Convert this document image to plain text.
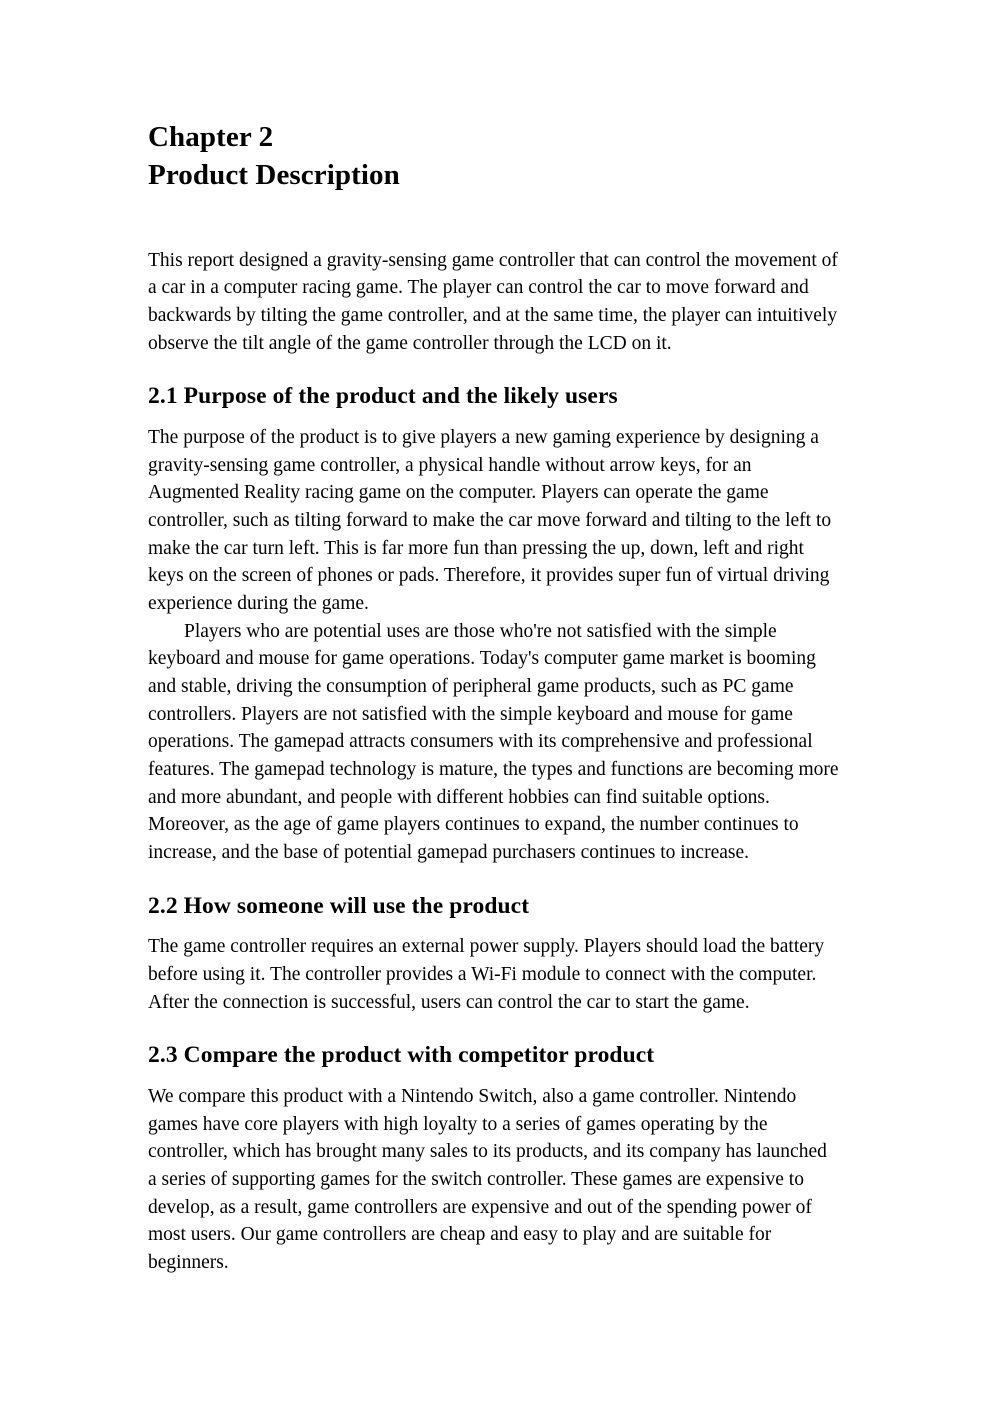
Chapter 2
Product Description

This report designed a gravity-sensing game controller that can control the movement of a car in a computer racing game. The player can control the car to move forward and backwards by tilting the game controller, and at the same time, the player can intuitively observe the tilt angle of the game controller through the LCD on it.

2.1 Purpose of the product and the likely users

The purpose of the product is to give players a new gaming experience by designing a gravity-sensing game controller, a physical handle without arrow keys, for an Augmented Reality racing game on the computer. Players can operate the game controller, such as tilting forward to make the car move forward and tilting to the left to make the car turn left. This is far more fun than pressing the up, down, left and right keys on the screen of phones or pads. Therefore, it provides super fun of virtual driving experience during the game.

Players who are potential uses are those who're not satisfied with the simple keyboard and mouse for game operations. Today's computer game market is booming and stable, driving the consumption of peripheral game products, such as PC game controllers. Players are not satisfied with the simple keyboard and mouse for game operations. The gamepad attracts consumers with its comprehensive and professional features. The gamepad technology is mature, the types and functions are becoming more and more abundant, and people with different hobbies can find suitable options. Moreover, as the age of game players continues to expand, the number continues to increase, and the base of potential gamepad purchasers continues to increase.

2.2 How someone will use the product

The game controller requires an external power supply. Players should load the battery before using it. The controller provides a Wi-Fi module to connect with the computer. After the connection is successful, users can control the car to start the game.

2.3 Compare the product with competitor product

We compare this product with a Nintendo Switch, also a game controller. Nintendo games have core players with high loyalty to a series of games operating by the controller, which has brought many sales to its products, and its company has launched a series of supporting games for the switch controller. These games are expensive to develop, as a result, game controllers are expensive and out of the spending power of most users. Our game controllers are cheap and easy to play and are suitable for beginners.
